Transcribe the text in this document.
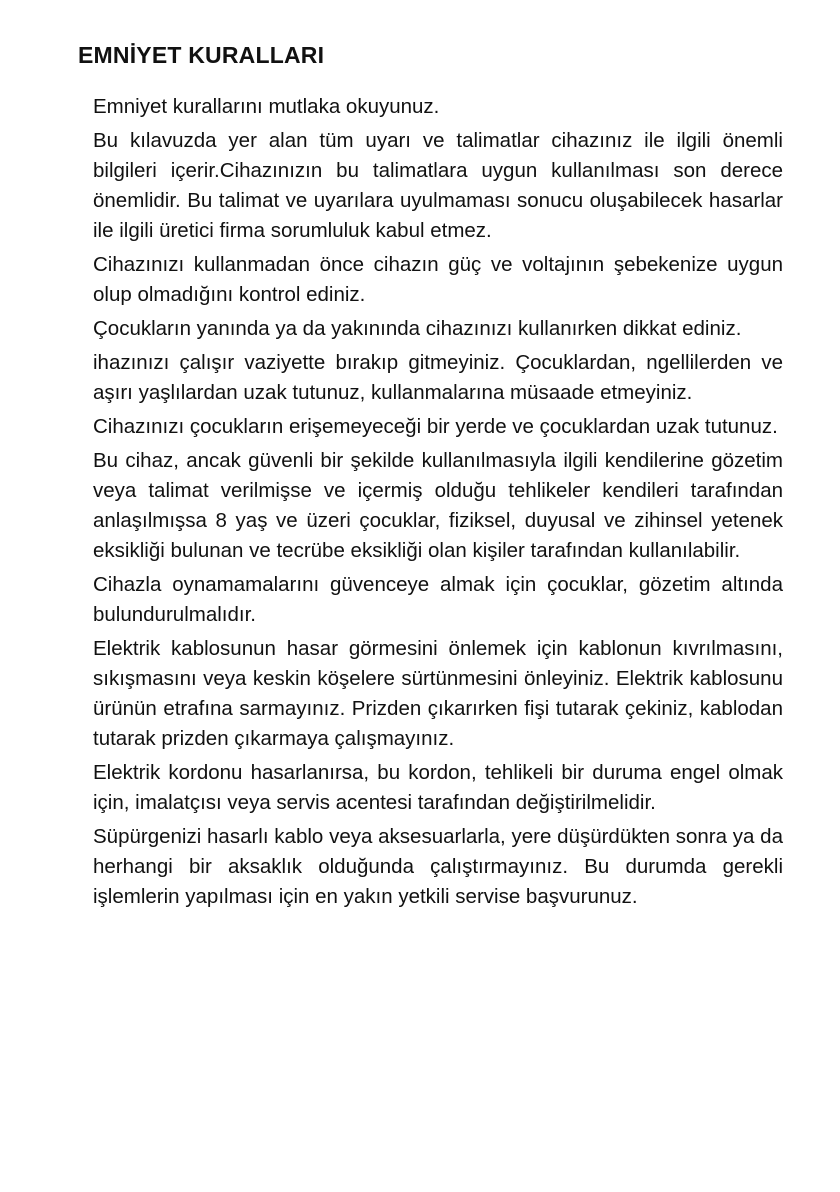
EMNİYET KURALLARI

Emniyet kurallarını mutlaka okuyunuz.

Bu kılavuzda yer alan tüm uyarı ve talimatlar cihazınız ile ilgili önemli bilgileri içerir.Cihazınızın bu talimatlara uygun kullanılması son derece önemlidir. Bu talimat ve uyarılara uyulmaması sonucu oluşabilecek hasarlar ile ilgili üretici firma sorumluluk kabul etmez.

Cihazınızı kullanmadan önce cihazın güç ve voltajının şebekenize uygun olup olmadığını kontrol ediniz.

Çocukların yanında ya da yakınında cihazınızı kullanırken dikkat ediniz.

ihazınızı çalışır vaziyette bırakıp gitmeyiniz. Çocuklardan, ngellilerden ve aşırı yaşlılardan uzak tutunuz, kullanmalarına müsaade etmeyiniz.

Cihazınızı çocukların erişemeyeceği bir yerde ve çocuklardan uzak tutunuz.

Bu cihaz, ancak güvenli bir şekilde kullanılmasıyla ilgili kendilerine gözetim veya talimat verilmişse ve içermiş olduğu tehlikeler kendileri tarafından anlaşılmışsa 8 yaş ve üzeri çocuklar, fiziksel, duyusal ve zihinsel yetenek eksikliği bulunan ve tecrübe eksikliği olan kişiler tarafından kullanılabilir.

Cihazla oynamamalarını güvenceye almak için çocuklar, gözetim altında bulundurulmalıdır.

Elektrik kablosunun hasar görmesini önlemek için kablonun kıvrılmasını, sıkışmasını veya keskin köşelere sürtünmesini önleyiniz. Elektrik kablosunu ürünün etrafına sarmayınız. Prizden çıkarırken fişi tutarak çekiniz, kablodan tutarak prizden çıkarmaya çalışmayınız.

Elektrik kordonu hasarlanırsa, bu kordon, tehlikeli bir duruma engel olmak için, imalatçısı veya servis acentesi tarafından değiştirilmelidir.

Süpürgenizi hasarlı kablo veya aksesuarlarla, yere düşürdükten sonra ya da herhangi bir aksaklık olduğunda çalıştırmayınız. Bu durumda gerekli işlemlerin yapılması için en yakın yetkili servise başvurunuz.
